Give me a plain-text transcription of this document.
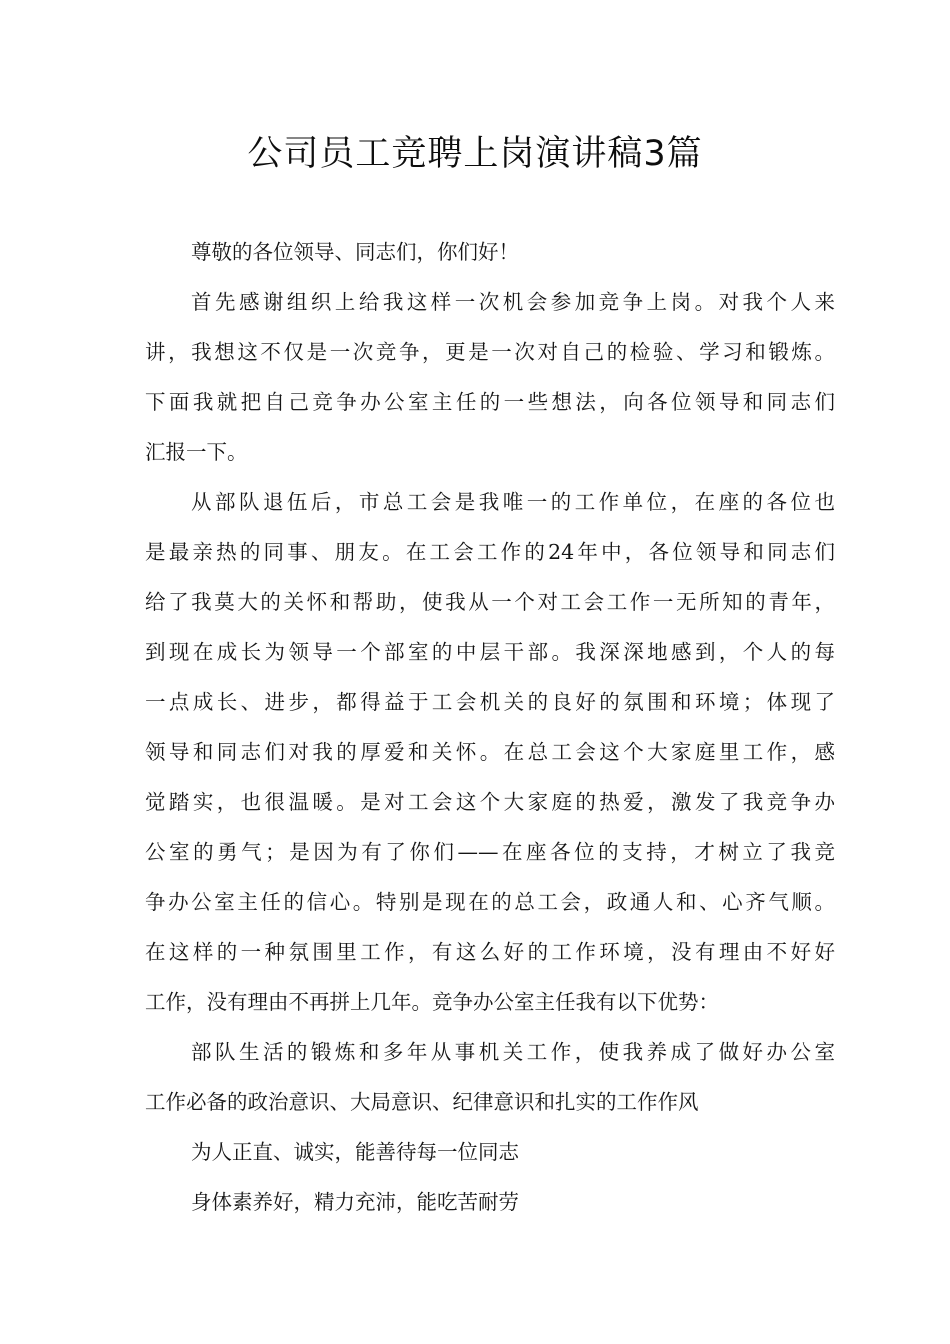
公司员工竞聘上岗演讲稿3篇
尊敬的各位领导、同志们，你们好！
首先感谢组织上给我这样一次机会参加竞争上岗。对我个人来
讲，我想这不仅是一次竞争，更是一次对自己的检验、学习和锻炼。
下面我就把自己竞争办公室主任的一些想法，向各位领导和同志们
汇报一下。
从部队退伍后，市总工会是我唯一的工作单位，在座的各位也
是最亲热的同事、朋友。在工会工作的24年中，各位领导和同志们
给了我莫大的关怀和帮助，使我从一个对工会工作一无所知的青年，
到现在成长为领导一个部室的中层干部。我深深地感到，个人的每
一点成长、进步，都得益于工会机关的良好的氛围和环境；体现了
领导和同志们对我的厚爱和关怀。在总工会这个大家庭里工作，感
觉踏实，也很温暖。是对工会这个大家庭的热爱，激发了我竞争办
公室的勇气；是因为有了你们——在座各位的支持，才树立了我竞
争办公室主任的信心。特别是现在的总工会，政通人和、心齐气顺。
在这样的一种氛围里工作，有这么好的工作环境，没有理由不好好
工作，没有理由不再拼上几年。竞争办公室主任我有以下优势：
部队生活的锻炼和多年从事机关工作，使我养成了做好办公室
工作必备的政治意识、大局意识、纪律意识和扎实的工作作风
为人正直、诚实，能善待每一位同志
身体素养好，精力充沛，能吃苦耐劳
